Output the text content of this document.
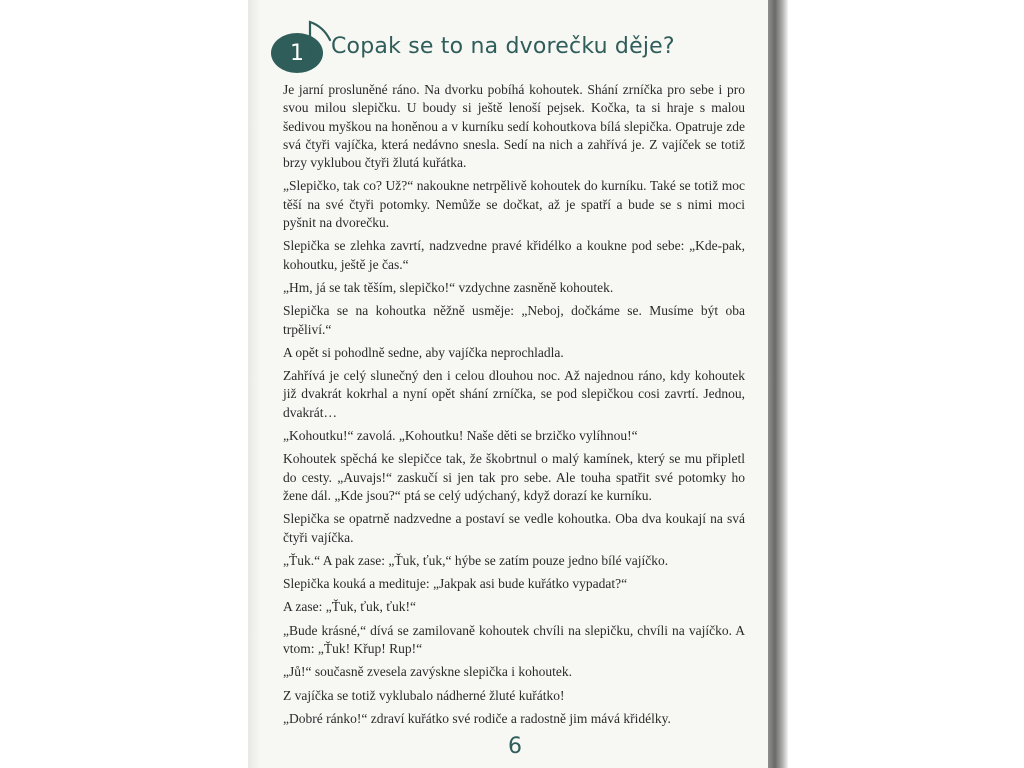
1 Copak se to na dvorečku děje?

Je jarní prosluněné ráno. Na dvorku pobíhá kohoutek. Shání zrníčka pro sebe i pro svou milou slepičku. U boudy si ještě lenoší pejsek. Kočka, ta si hraje s malou šedivou myškou na honěnou a v kurníku sedí kohoutkova bílá slepička. Opatruje zde svá čtyři vajíčka, která nedávno snesla. Sedí na nich a zahřívá je. Z vajíček se totiž brzy vyklubou čtyři žlutá kuřátka.

„Slepičko, tak co? Už?“ nakoukne netrpělivě kohoutek do kurníku. Také se totiž moc těší na své čtyři potomky. Nemůže se dočkat, až je spatří a bude se s nimi moci pyšnit na dvorečku.

Slepička se zlehka zavrtí, nadzvedne pravé křidélko a koukne pod sebe: „Kde-pak, kohoutku, ještě je čas.“

„Hm, já se tak těším, slepičko!“ vzdychne zasněně kohoutek.

Slepička se na kohoutka něžně usměje: „Neboj, dočkáme se. Musíme být oba trpěliví.“

A opět si pohodlně sedne, aby vajíčka neprochladla.

Zahřívá je celý slunečný den i celou dlouhou noc. Až najednou ráno, kdy kohoutek již dvakrát kokrhal a nyní opět shání zrníčka, se pod slepičkou cosi zavrtí. Jednou, dvakrát…

„Kohoutku!“ zavolá. „Kohoutku! Naše děti se brzičko vylíhnou!“

Kohoutek spěchá ke slepičce tak, že škobrtnul o malý kamínek, který se mu připletl do cesty. „Auvajs!“ zaskučí si jen tak pro sebe. Ale touha spatřit své potomky ho žene dál. „Kde jsou?“ ptá se celý udýchaný, když dorazí ke kurníku.

Slepička se opatrně nadzvedne a postaví se vedle kohoutka. Oba dva koukají na svá čtyři vajíčka.

„Ťuk.“ A pak zase: „Ťuk, ťuk,“ hýbe se zatím pouze jedno bílé vajíčko.

Slepička kouká a medituje: „Jakpak asi bude kuřátko vypadat?“

A zase: „Ťuk, ťuk, ťuk!“

„Bude krásné,“ dívá se zamilovaně kohoutek chvíli na slepičku, chvíli na vajíčko. A vtom: „Ťuk! Křup! Rup!“

„Jů!“ současně zvesela zavýskne slepička i kohoutek.

Z vajíčka se totiž vyklubalo nádherné žluté kuřátko!

„Dobré ránko!“ zdraví kuřátko své rodiče a radostně jim mává křidélky.

6
